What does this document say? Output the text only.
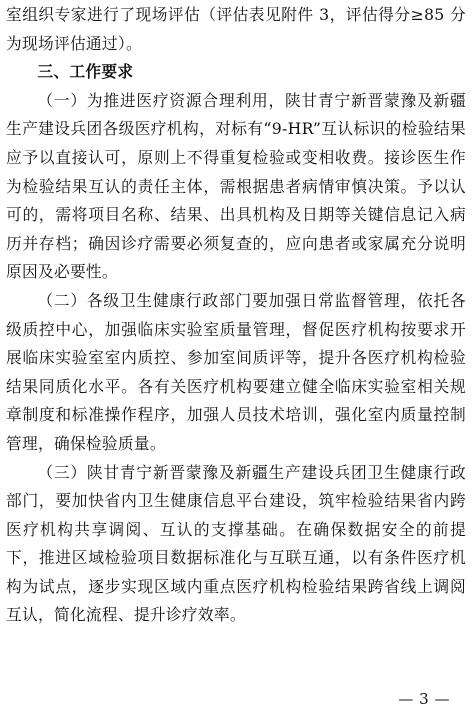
室组织专家进行了现场评估（评估表见附件 3，评估得分≥85 分为现场评估通过）。

三、工作要求

（一）为推进医疗资源合理利用，陕甘青宁新晋蒙豫及新疆生产建设兵团各级医疗机构，对标有“9-HR”互认标识的检验结果应予以直接认可，原则上不得重复检验或变相收费。接诊医生作为检验结果互认的责任主体，需根据患者病情审慎决策。予以认可的，需将项目名称、结果、出具机构及日期等关键信息记入病历并存档；确因诊疗需要必须复查的，应向患者或家属充分说明原因及必要性。

（二）各级卫生健康行政部门要加强日常监督管理，依托各级质控中心，加强临床实验室质量管理，督促医疗机构按要求开展临床实验室室内质控、参加室间质评等，提升各医疗机构检验结果同质化水平。各有关医疗机构要建立健全临床实验室相关规章制度和标准操作程序，加强人员技术培训，强化室内质量控制管理，确保检验质量。

（三）陕甘青宁新晋蒙豫及新疆生产建设兵团卫生健康行政部门，要加快省内卫生健康信息平台建设，筑牢检验结果省内跨医疗机构共享调阅、互认的支撑基础。在确保数据安全的前提下，推进区域检验项目数据标准化与互联互通，以有条件医疗机构为试点，逐步实现区域内重点医疗机构检验结果跨省线上调阅互认，简化流程、提升诊疗效率。

— 3 —
